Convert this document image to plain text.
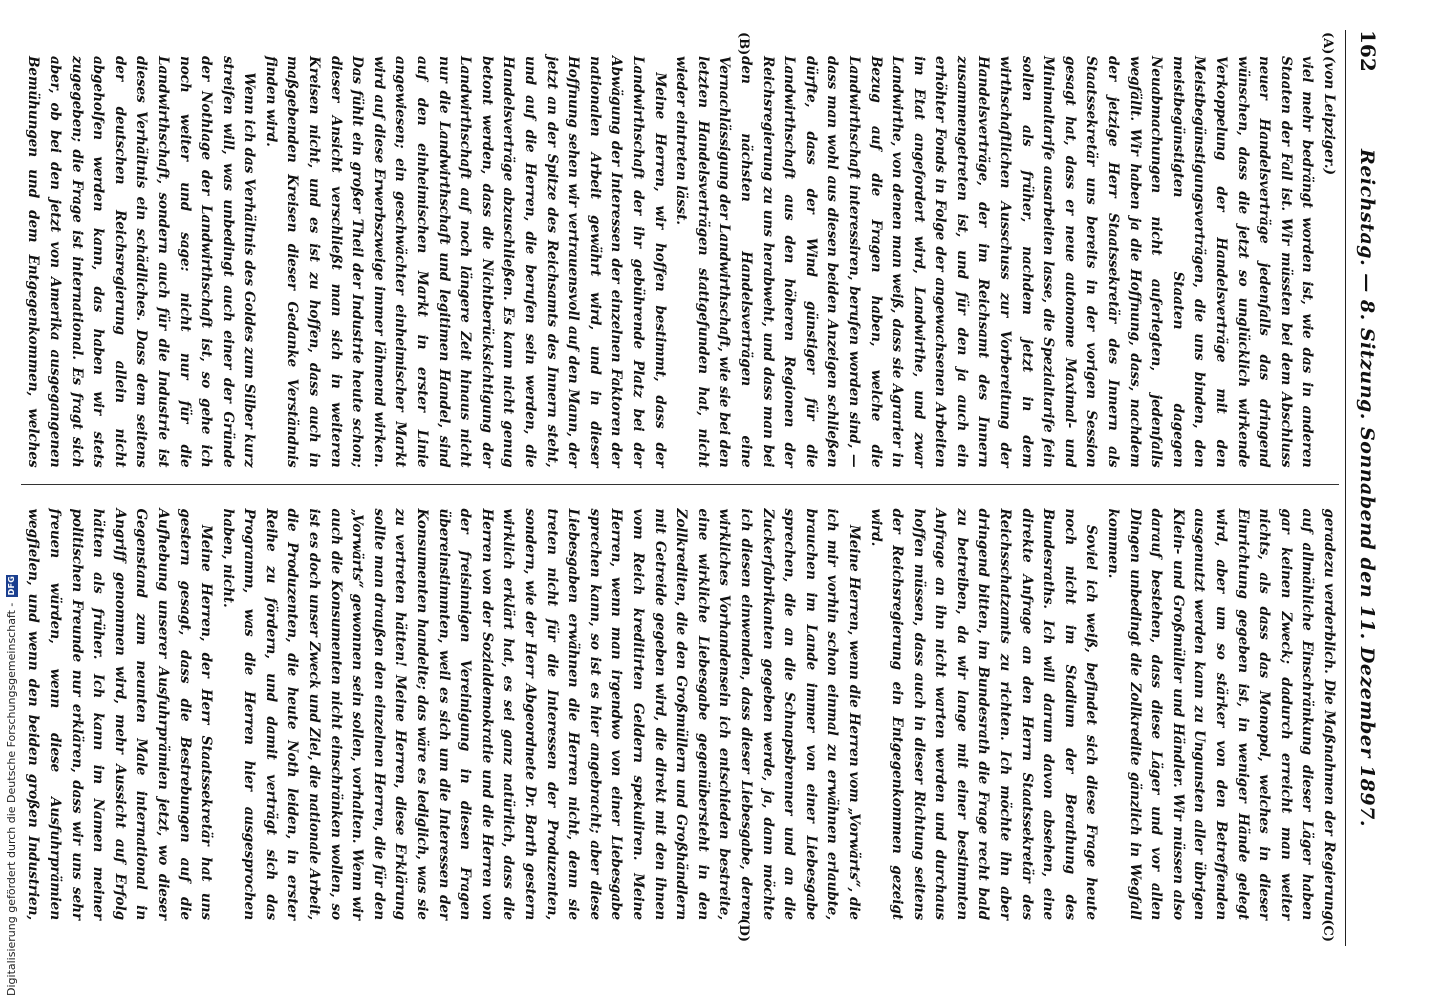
162
Reichstag. — 8. Sitzung. Sonnabend den 11. Dezember 1897.
(A)
(B)
(von Leipziger.)

viel mehr bedrängt worden ist, wie das in anderen Staaten der Fall ist. Wir müssten bei dem Abschluss neuer Handelsverträge jedenfalls das dringend wünschen, dass die jetzt so unglücklich wirkende Verkoppelung der Handelsverträge mit den Meistbegünstigungsverträgen, die uns binden, den meistbegünstigten Staaten dagegen Neuabmachungen nicht auferlegten, jedenfalls wegfällt. Wir haben ja die Hoffnung, dass, nachdem der jetzige Herr Staatssekretär des Innern als Staatssekretär uns bereits in der vorigen Session gesagt hat, dass er neue autonome Maximal- und Minimaltarife ausarbeiten lasse, die Spezialtarife fein sollen als früher, nachdem jetzt in dem wirthschaftlichen Ausschuss zur Vorbereitung der Handelsverträge, der im Reichsamt des Innern zusammengetreten ist, und für den ja auch ein erhöhter Fonds in Folge der angewachsenen Arbeiten im Etat angefordert wird, Landwirthe, und zwar Landwirthe, von denen man weiß, dass sie Agrarier in Bezug auf die Fragen haben, welche die Landwirthschaft interessiren, berufen worden sind, — dass man wohl aus diesen beiden Anzeigen schließen dürfte, dass der Wind günstiger für die Landwirthschaft aus den höheren Regionen der Reichsregierung zu uns herabweht, und dass man bei den nächsten Handelsverträgen eine Vernachlässigung der Landwirthschaft, wie sie bei den letzten Handelsverträgen stattgefunden hat, nicht wieder eintreten lässt.

Meine Herren, wir hoffen bestimmt, dass der Landwirthschaft der ihr gebührende Platz bei der Abwägung der Interessen der einzelnen Faktoren der nationalen Arbeit gewährt wird, und in dieser Hoffnung sehen wir vertrauensvoll auf den Mann, der jetzt an der Spitze des Reichsamts des Innern steht, und auf die Herren, die berufen sein werden, die Handelsverträge abzuschließen. Es kann nicht genug betont werden, dass die Nichtberücksichtigung der Landwirthschaft auf noch längere Zeit hinaus nicht nur die Landwirthschaft und legitimen Handel, sind auf den einheimischen Markt in erster Linie angewiesen; ein geschwächter einheimischer Markt wird auf diese Erwerbszweige immer lähmend wirken. Das fühlt ein großer Theil der Industrie heute schon; dieser Ansicht verschließt man sich in weiteren Kreisen nicht, und es ist zu hoffen, dass auch in maßgebenden Kreisen dieser Gedanke Verständnis finden wird.

Wenn ich das Verhältnis des Goldes zum Silber kurz streifen will, was unbedingt auch einer der Gründe der Nothlage der Landwirthschaft ist, so gehe ich noch weiter und sage: nicht nur für die Landwirthschaft, sondern auch für die Industrie ist dieses Verhältnis ein schädliches. Dass dem seitens der deutschen Reichsregierung allein nicht abgeholfen werden kann, das haben wir stets zugegeben; die Frage ist international. Es fragt sich aber, ob bei den jetzt von Amerika ausgegangenen Bemühungen und dem Entgegenkommen, welches

(C)
(D)

geradezu verderblich. Die Maßnahmen der Regierung auf allmähliche Einschränkung dieser Läger haben gar keinen Zweck; dadurch erreicht man weiter nichts, als dass das Monopol, welches in dieser Einrichtung gegeben ist, in weniger Hände gelegt wird, aber um so stärker von den Betreffenden ausgenutzt werden kann zu Ungunsten aller übrigen Klein- und Großmüller und Händler. Wir müssen also darauf bestehen, dass diese Läger und vor allen Dingen unbedingt die Zollkredite gänzlich in Wegfall kommen.

Soviel ich weiß, befindet sich diese Frage heute noch nicht im Stadium der Berathung des Bundesraths. Ich will darum davon absehen, eine direkte Anfrage an den Herrn Staatssekretär des Reichsschatzamts zu richten. Ich möchte ihn aber dringend bitten, im Bundesrath die Frage recht bald zu betreiben, da wir lange mit einer bestimmten Anfrage an ihn nicht warten werden und durchaus hoffen müssen, dass auch in dieser Richtung seitens der Reichsregierung ein Entgegenkommen gezeigt wird.

Meine Herren, wenn die Herren vom „Vorwärts“, die ich mir vorhin schon einmal zu erwähnen erlaubte, brauchen im Lande immer von einer Liebesgabe sprechen, die an die Schnapsbrenner und an die Zuckerfabrikanten gegeben werde, ja, dann möchte ich diesen einwenden, dass dieser Liebesgabe, deren wirkliches Vorhandensein ich entschieden bestreite, eine wirkliche Liebesgabe gegenübersteht in den Zollkrediten, die den Großmüllern und Großhändlern mit Getreide gegeben wird, die direkt mit den ihnen vom Reich kreditirten Geldern spekuliren. Meine Herren, wenn man irgendwo von einer Liebesgabe sprechen kann, so ist es hier angebracht; aber diese Liebesgaben erwähnen die Herren nicht, denn sie treten nicht für die Interessen der Produzenten, sondern, wie der Herr Abgeordnete Dr. Barth gestern wirklich erklärt hat, es sei ganz natürlich, dass die Herren von der Sozialdemokratie und die Herren von der freisinnigen Vereinigung in diesen Fragen übereinstimmten, weil es sich um die Interessen der Konsumenten handelte; das wäre es lediglich, was sie zu vertreten hätten! Meine Herren, diese Erklärung sollte man draußen den einzelnen Herren, die für den „Vorwärts“ gewonnen sein sollen, vorhalten. Wenn wir auch die Konsumenten nicht einschränken wollen, so ist es doch unser Zweck und Ziel, die nationale Arbeit, die Produzenten, die heute Noth leiden, in erster Reihe zu fördern, und damit verträgt sich das Programm, was die Herren hier ausgesprochen haben, nicht.

Meine Herren, der Herr Staatssekretär hat uns gestern gesagt, dass die Bestrebungen auf die Aufhebung unserer Ausfuhrprämien jetzt, wo dieser Gegenstand zum neunten Male international in Angriff genommen wird, mehr Aussicht auf Erfolg hätten als früher. Ich kann im Namen meiner politischen Freunde nur erklären, dass wir uns sehr freuen würden, wenn diese Ausfuhrprämien wegfielen, und wenn den beiden großen Industrien,

Digitalisierung gefördert durch die Deutsche Forschungsgemeinschaft -
DFG
